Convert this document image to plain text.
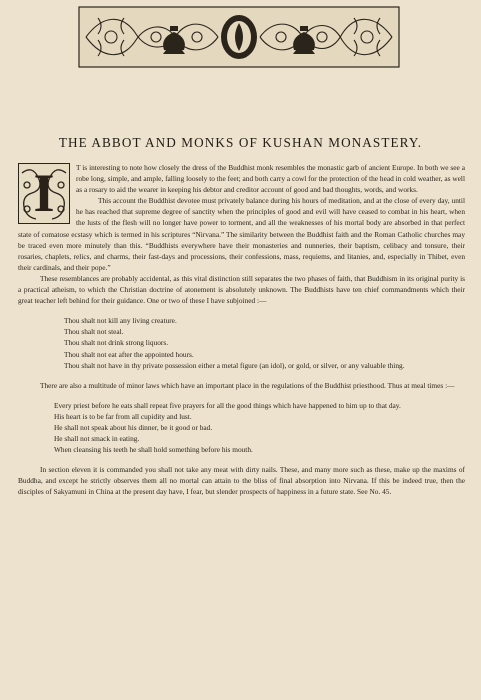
THE ABBOT AND MONKS OF KUSHAN MONASTERY.

I	T is interesting to note how closely the dress of the Buddhist monk resembles the monastic garb of ancient Europe. In both we see a robe long, simple, and ample, falling loosely to the feet; and both carry a cowl for the protection of the head in cold weather, as well as a rosary to aid the wearer in keeping his debtor and creditor account of good and bad thoughts, words, and works.

This account the Buddhist devotee must privately balance during his hours of meditation, and at the close of every day, until he has reached that supreme degree of sanctity when the principles of good and evil will have ceased to combat in his heart, when the lusts of the flesh will no longer have power to torment, and all the weaknesses of his mortal body are absorbed in that perfect state of comatose ecstasy which is termed in his scriptures “Nirvana.” The similarity between the Buddhist faith and the Roman Catholic churches may be traced even more minutely than this. “Buddhists everywhere have their monasteries and nunneries, their baptism, celibacy and tonsure, their rosaries, chaplets, relics, and charms, their fast-days and processions, their confessions, mass, requiems, and litanies, and, especially in Thibet, even their cardinals, and their pope.”

These resemblances are probably accidental, as this vital distinction still separates the two phases of faith, that Buddhism in its original purity is a practical atheism, to which the Christian doctrine of atonement is absolutely unknown. The Buddhists have ten chief commandments which their great teacher left behind for their guidance. One or two of these I have subjoined :—

Thou shalt not kill any living creature.
Thou shalt not steal.
Thou shalt not drink strong liquors.
Thou shalt not eat after the appointed hours.
Thou shalt not have in thy private possession either a metal figure (an idol), or gold, or silver, or any valuable thing.

There are also a multitude of minor laws which have an important place in the regulations of the Buddhist priesthood. Thus at meal times :—

Every priest before he eats shall repeat five prayers for all the good things which have happened to him up to that day.
His heart is to be far from all cupidity and lust.
He shall not speak about his dinner, be it good or bad.
He shall not smack in eating.
When cleansing his teeth he shall hold something before his mouth.

In section eleven it is commanded you shall not take any meat with dirty nails. These, and many more such as these, make up the maxims of Buddha, and except he strictly observes them all no mortal can attain to the bliss of final absorption into Nirvana. If this be indeed true, then the disciples of Sakyamuni in China at the present day have, I fear, but slender prospects of happiness in a future state. See No. 45.
